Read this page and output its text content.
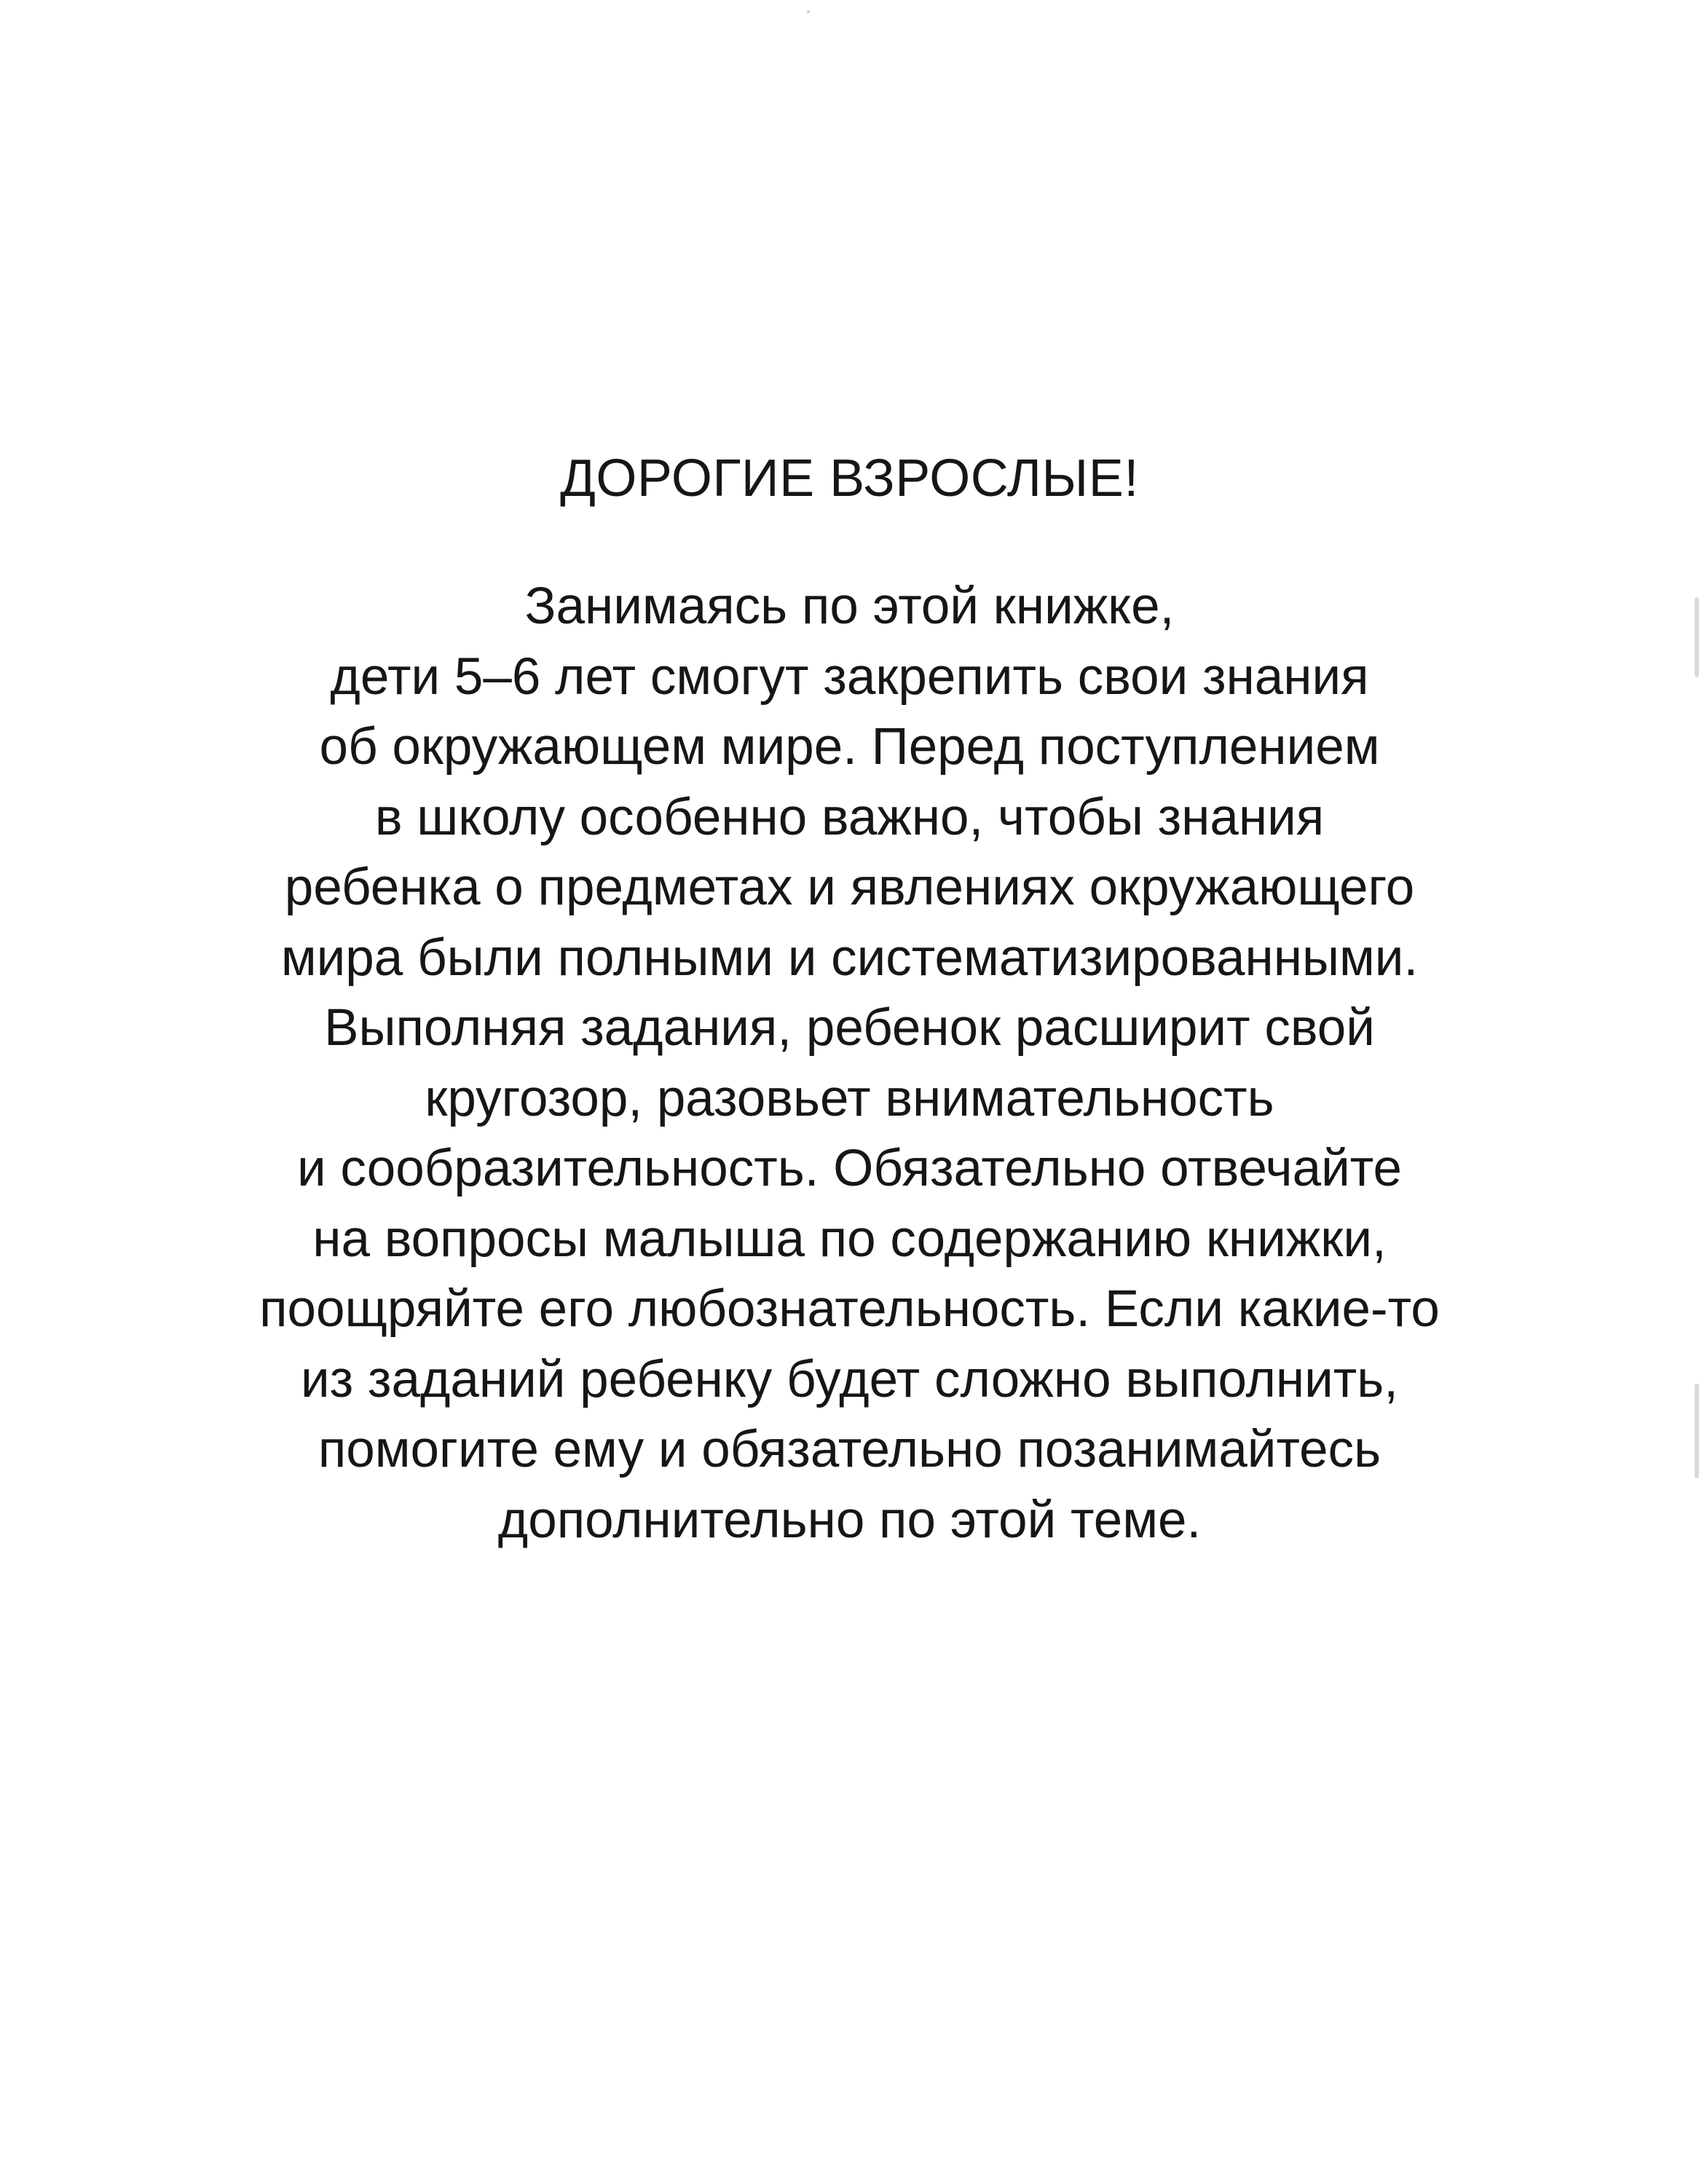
ДОРОГИЕ ВЗРОСЛЫЕ!
Занимаясь по этой книжке,
дети 5–6 лет смогут закрепить свои знания
об окружающем мире. Перед поступлением
в школу особенно важно, чтобы знания
ребенка о предметах и явлениях окружающего
мира были полными и систематизированными.
Выполняя задания, ребенок расширит свой
кругозор, разовьет внимательность
и сообразительность. Обязательно отвечайте
на вопросы малыша по содержанию книжки,
поощряйте его любознательность. Если какие-то
из заданий ребенку будет сложно выполнить,
помогите ему и обязательно позанимайтесь
дополнительно по этой теме.
